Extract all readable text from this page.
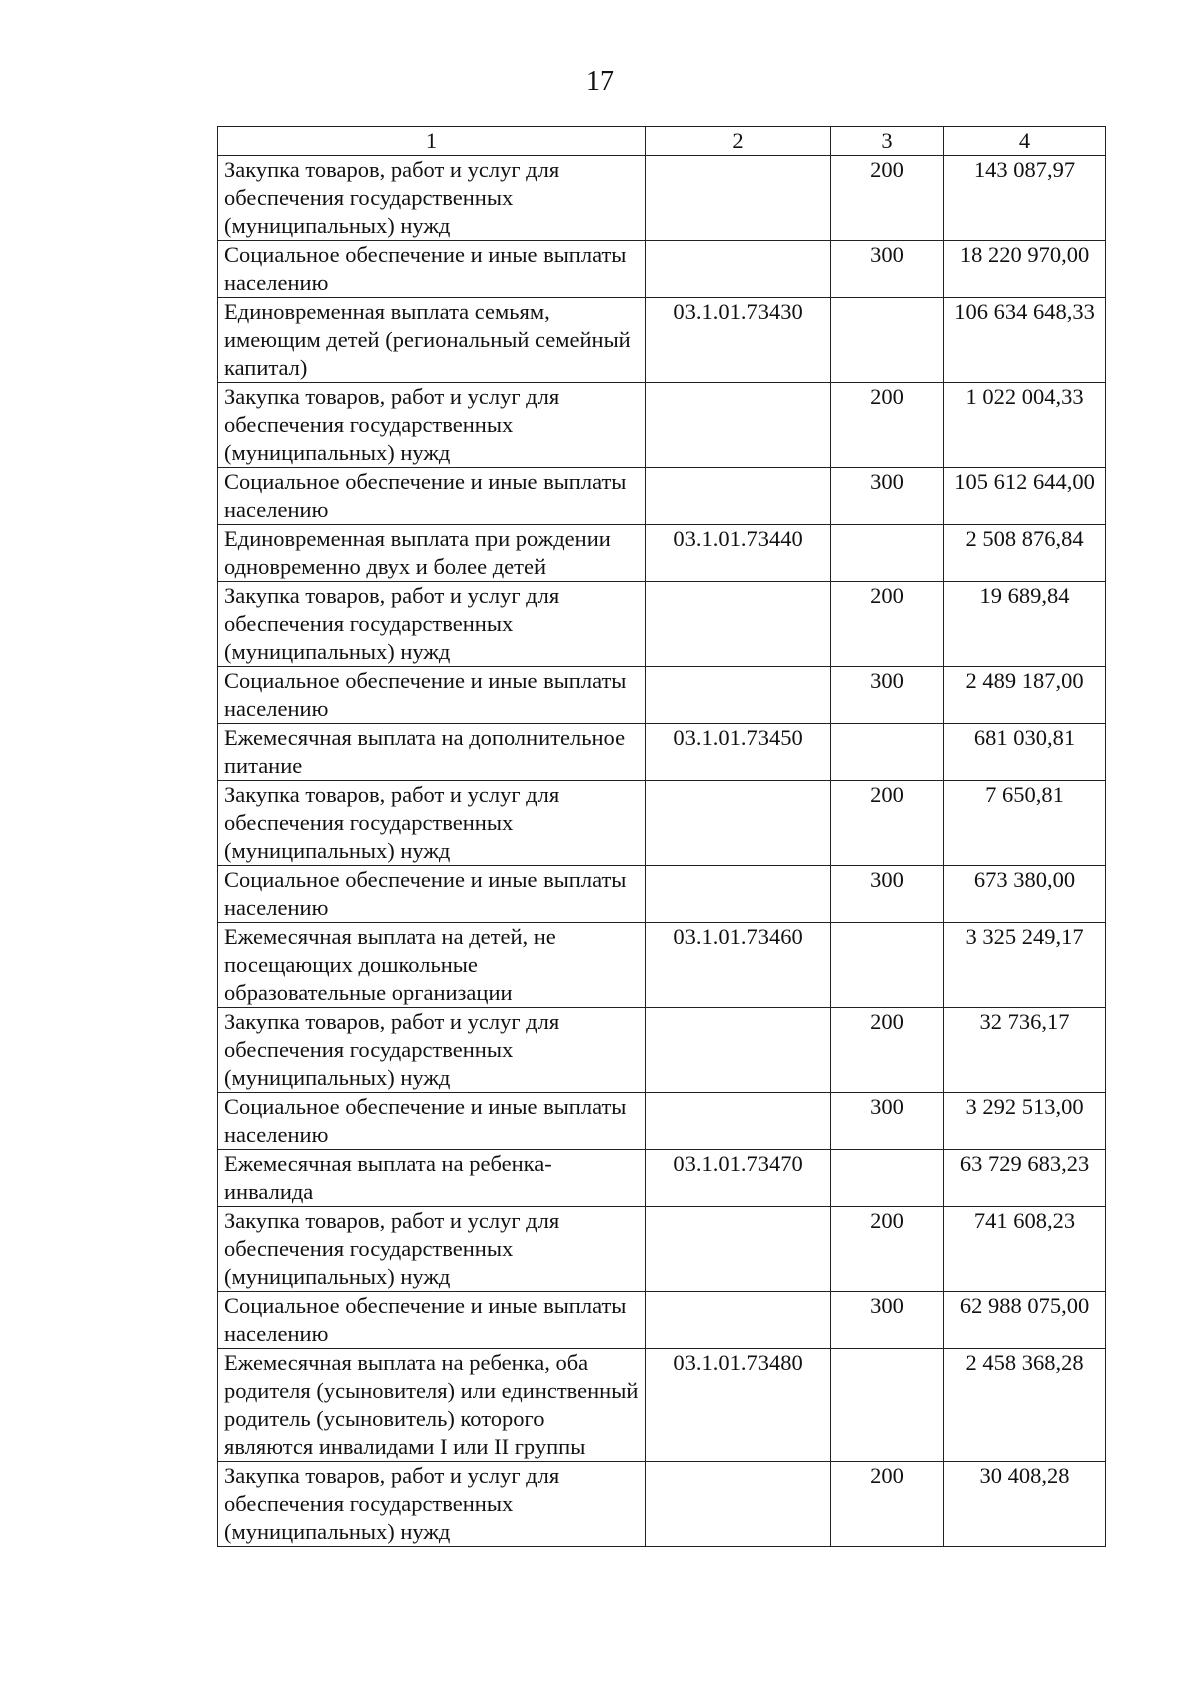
17
1	2	3	4
Закупка товаров, работ и услуг для обеспечения государственных (муниципальных) нужд		200	143 087,97
Социальное обеспечение и иные выплаты населению		300	18 220 970,00
Единовременная выплата семьям, имеющим детей (региональный семейный капитал)	03.1.01.73430		106 634 648,33
Закупка товаров, работ и услуг для обеспечения государственных (муниципальных) нужд		200	1 022 004,33
Социальное обеспечение и иные выплаты населению		300	105 612 644,00
Единовременная выплата при рождении одновременно двух и более детей	03.1.01.73440		2 508 876,84
Закупка товаров, работ и услуг для обеспечения государственных (муниципальных) нужд		200	19 689,84
Социальное обеспечение и иные выплаты населению		300	2 489 187,00
Ежемесячная выплата на дополнительное питание	03.1.01.73450		681 030,81
Закупка товаров, работ и услуг для обеспечения государственных (муниципальных) нужд		200	7 650,81
Социальное обеспечение и иные выплаты населению		300	673 380,00
Ежемесячная выплата на детей, не посещающих дошкольные образовательные организации	03.1.01.73460		3 325 249,17
Закупка товаров, работ и услуг для обеспечения государственных (муниципальных) нужд		200	32 736,17
Социальное обеспечение и иные выплаты населению		300	3 292 513,00
Ежемесячная выплата на ребенка-инвалида	03.1.01.73470		63 729 683,23
Закупка товаров, работ и услуг для обеспечения государственных (муниципальных) нужд		200	741 608,23
Социальное обеспечение и иные выплаты населению		300	62 988 075,00
Ежемесячная выплата на ребенка, оба родителя (усыновителя) или единственный родитель (усыновитель) которого являются инвалидами I или II группы	03.1.01.73480		2 458 368,28
Закупка товаров, работ и услуг для обеспечения государственных (муниципальных) нужд		200	30 408,28
